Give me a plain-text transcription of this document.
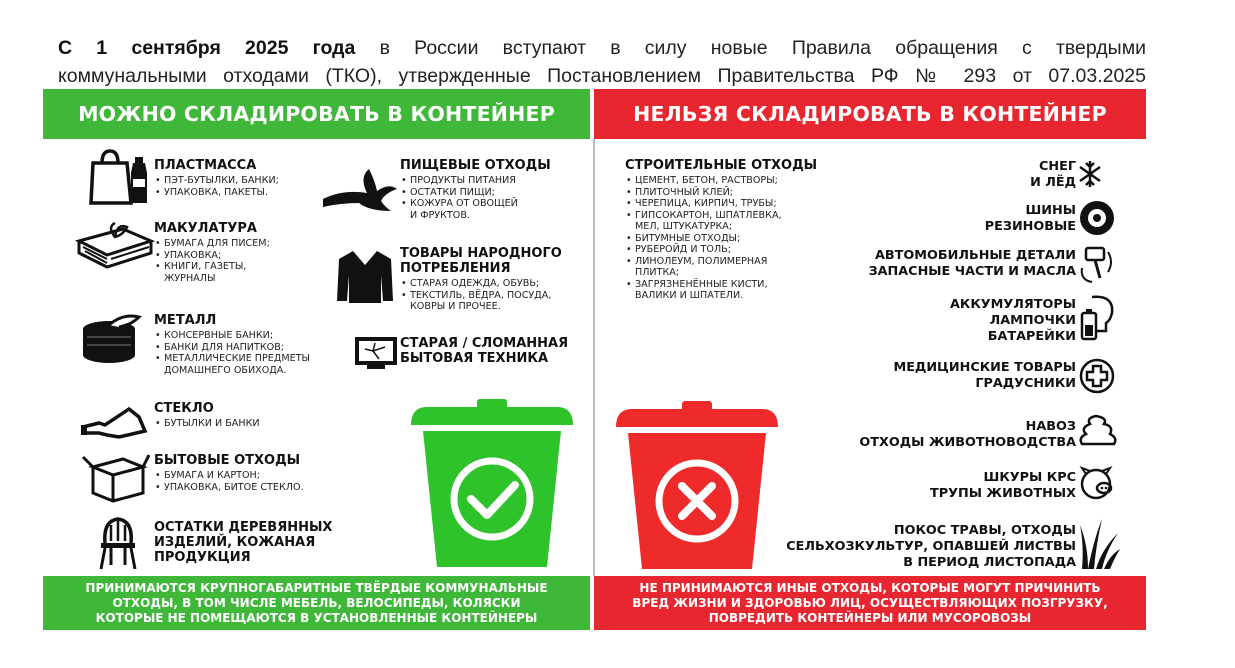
С 1 сентября 2025 года в России вступают в силу новые Правила обращения с твердыми

коммунальными отходами (ТКО), утвержденные Постановлением Правительства РФ № 293 от 07.03.2025

МОЖНО СКЛАДИРОВАТЬ В КОНТЕЙНЕР	НЕЛЬЗЯ СКЛАДИРОВАТЬ В КОНТЕЙНЕР
ПЛАСТМАССА
• ПЭТ-БУТЫЛКИ, БАНКИ;
• УПАКОВКА, ПАКЕТЫ.
МАКУЛАТУРА
• БУМАГА ДЛЯ ПИСЕМ;
• УПАКОВКА;
• КНИГИ, ГАЗЕТЫ,
ЖУРНАЛЫ
МЕТАЛЛ
• КОНСЕРВНЫЕ БАНКИ;
• БАНКИ ДЛЯ НАПИТКОВ;
• МЕТАЛЛИЧЕСКИЕ ПРЕДМЕТЫ
ДОМАШНЕГО ОБИХОДА.
СТЕКЛО
• БУТЫЛКИ И БАНКИ
БЫТОВЫЕ ОТХОДЫ
• БУМАГА И КАРТОН;
• УПАКОВКА, БИТОЕ СТЕКЛО.
ОСТАТКИ ДЕРЕВЯННЫХ
ИЗДЕЛИЙ, КОЖАНАЯ
ПРОДУКЦИЯ
ПИЩЕВЫЕ ОТХОДЫ
• ПРОДУКТЫ ПИТАНИЯ
• ОСТАТКИ ПИЩИ;
• КОЖУРА ОТ ОВОЩЕЙ
И ФРУКТОВ.
ТОВАРЫ НАРОДНОГО
ПОТРЕБЛЕНИЯ
• СТАРАЯ ОДЕЖДА, ОБУВЬ;
• ТЕКСТИЛЬ, ВЁДРА, ПОСУДА,
КОВРЫ И ПРОЧЕЕ.
СТАРАЯ / СЛОМАННАЯ
БЫТОВАЯ ТЕХНИКА
ПРИНИМАЮТСЯ КРУПНОГАБАРИТНЫЕ ТВЁРДЫЕ КОММУНАЛЬНЫЕ
ОТХОДЫ, В ТОМ ЧИСЛЕ МЕБЕЛЬ, ВЕЛОСИПЕДЫ, КОЛЯСКИ
КОТОРЫЕ НЕ ПОМЕЩАЮТСЯ В УСТАНОВЛЕННЫЕ КОНТЕЙНЕРЫ
СТРОИТЕЛЬНЫЕ ОТХОДЫ
• ЦЕМЕНТ, БЕТОН, РАСТВОРЫ;
• ПЛИТОЧНЫЙ КЛЕЙ;
• ЧЕРЕПИЦА, КИРПИЧ, ТРУБЫ;
• ГИПСОКАРТОН, ШПАТЛЕВКА,
МЕЛ, ШТУКАТУРКА;
• БИТУМНЫЕ ОТХОДЫ;
• РУБЕРОЙД И ТОЛЬ;
• ЛИНОЛЕУМ, ПОЛИМЕРНАЯ
ПЛИТКА;
• ЗАГРЯЗНЕНЁННЫЕ КИСТИ,
ВАЛИКИ И ШПАТЕЛИ.
СНЕГ
И ЛЁД
ШИНЫ
РЕЗИНОВЫЕ
АВТОМОБИЛЬНЫЕ ДЕТАЛИ
ЗАПАСНЫЕ ЧАСТИ И МАСЛА
АККУМУЛЯТОРЫ
ЛАМПОЧКИ
БАТАРЕЙКИ
МЕДИЦИНСКИЕ ТОВАРЫ
ГРАДУСНИКИ
НАВОЗ
ОТХОДЫ ЖИВОТНОВОДСТВА
ШКУРЫ КРС
ТРУПЫ ЖИВОТНЫХ
ПОКОС ТРАВЫ, ОТХОДЫ
СЕЛЬХОЗКУЛЬТУР, ОПАВШЕЙ ЛИСТВЫ
В ПЕРИОД ЛИСТОПАДА
НЕ ПРИНИМАЮТСЯ ИНЫЕ ОТХОДЫ, КОТОРЫЕ МОГУТ ПРИЧИНИТЬ
ВРЕД ЖИЗНИ И ЗДОРОВЬЮ ЛИЦ, ОСУЩЕСТВЛЯЮЩИХ ПОЗГРУЗКУ,
ПОВРЕДИТЬ КОНТЕЙНЕРЫ ИЛИ МУСОРОВОЗЫ
